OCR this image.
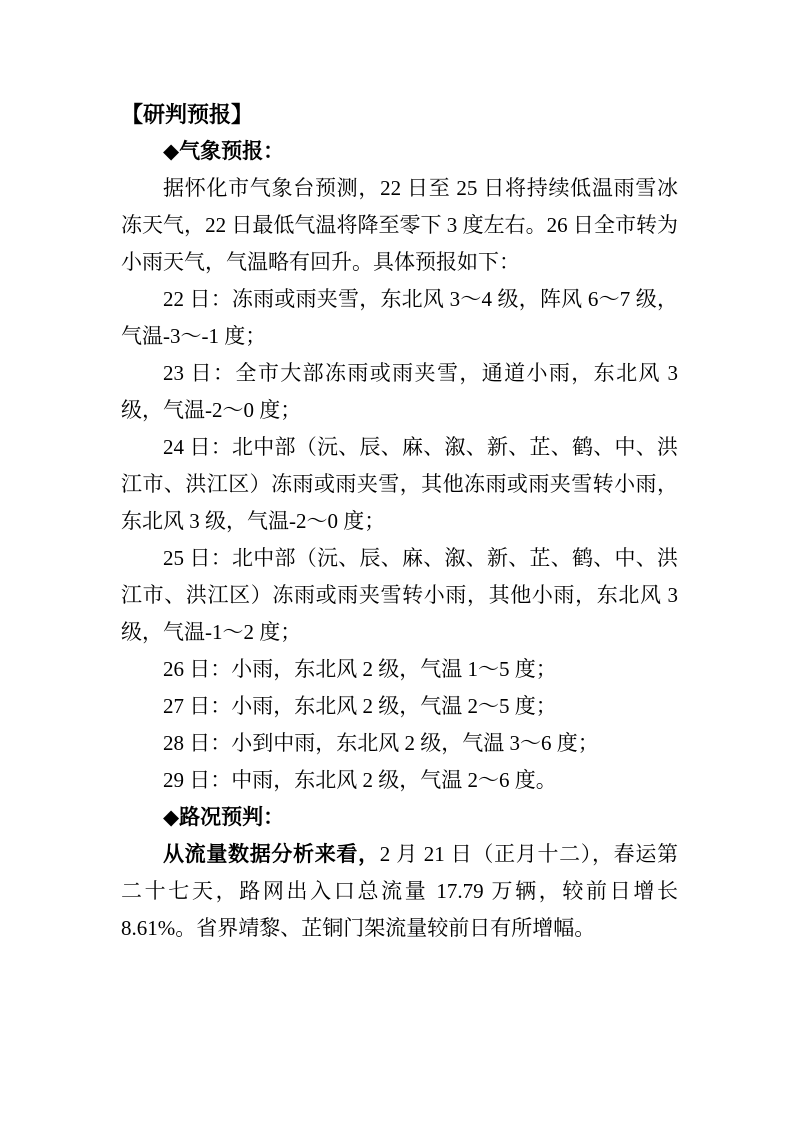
【研判预报】

◆气象预报：

据怀化市气象台预测，22 日至 25 日将持续低温雨雪冰冻天气，22 日最低气温将降至零下 3 度左右。26 日全市转为小雨天气，气温略有回升。具体预报如下：

22 日：冻雨或雨夹雪，东北风 3～4 级，阵风 6～7 级，气温-3～-1 度；

23 日：全市大部冻雨或雨夹雪，通道小雨，东北风 3 级，气温-2～0 度；

24 日：北中部（沅、辰、麻、溆、新、芷、鹤、中、洪江市、洪江区）冻雨或雨夹雪，其他冻雨或雨夹雪转小雨，东北风 3 级，气温-2～0 度；

25 日：北中部（沅、辰、麻、溆、新、芷、鹤、中、洪江市、洪江区）冻雨或雨夹雪转小雨，其他小雨，东北风 3 级，气温-1～2 度；

26 日：小雨，东北风 2 级，气温 1～5 度；

27 日：小雨，东北风 2 级，气温 2～5 度；

28 日：小到中雨，东北风 2 级，气温 3～6 度；

29 日：中雨，东北风 2 级，气温 2～6 度。

◆路况预判：

从流量数据分析来看，2 月 21 日（正月十二），春运第二十七天，路网出入口总流量 17.79 万辆，较前日增长 8.61%。省界靖黎、芷铜门架流量较前日有所增幅。
